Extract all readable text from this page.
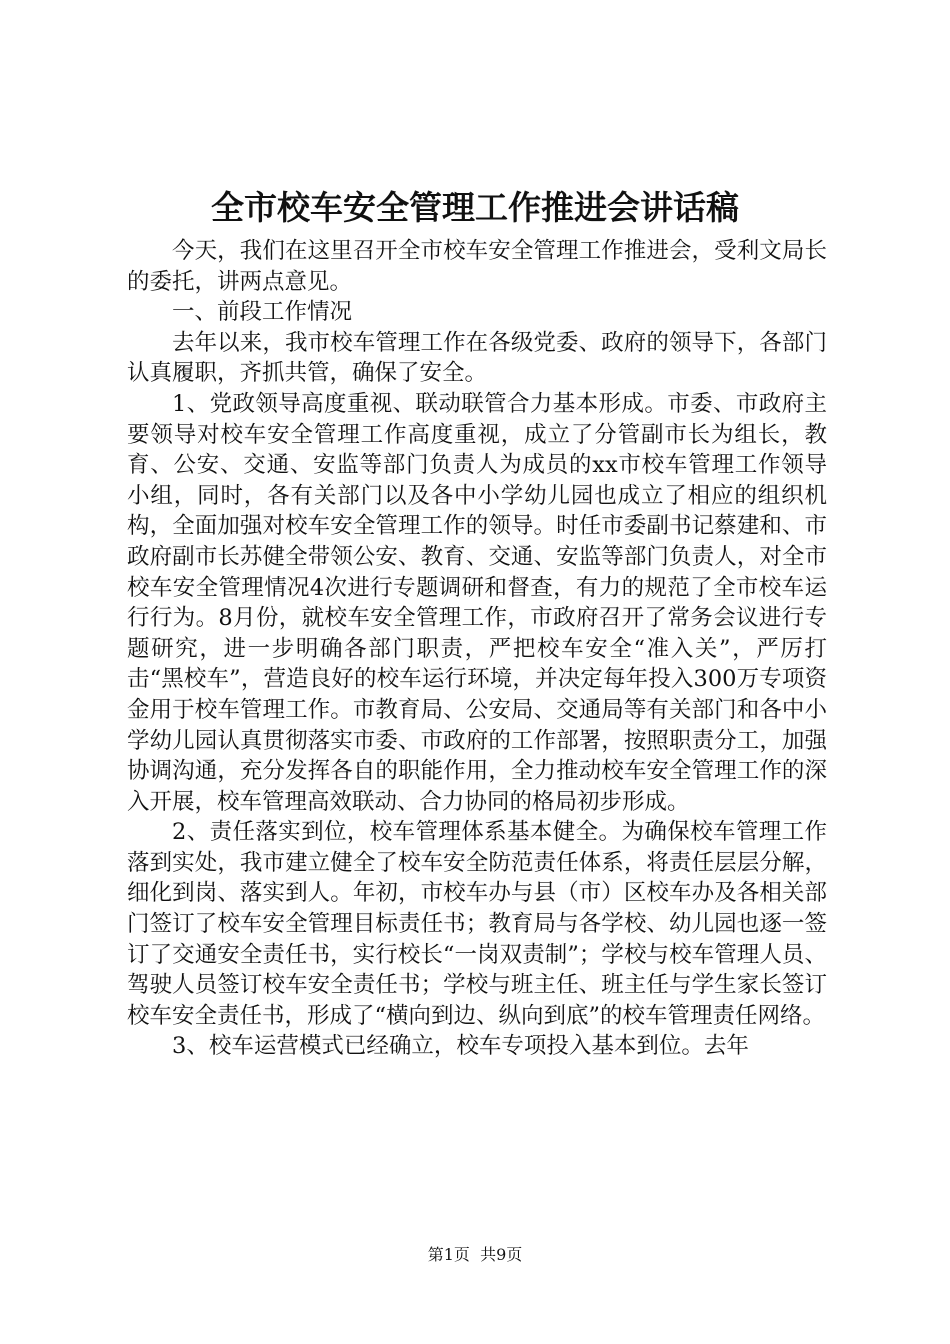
全市校车安全管理工作推进会讲话稿

今天，我们在这里召开全市校车安全管理工作推进会，受利文局长的委托，讲两点意见。

一、前段工作情况

去年以来，我市校车管理工作在各级党委、政府的领导下，各部门认真履职，齐抓共管，确保了安全。

1、党政领导高度重视、联动联管合力基本形成。市委、市政府主要领导对校车安全管理工作高度重视，成立了分管副市长为组长，教育、公安、交通、安监等部门负责人为成员的xx市校车管理工作领导小组，同时，各有关部门以及各中小学幼儿园也成立了相应的组织机构，全面加强对校车安全管理工作的领导。时任市委副书记蔡建和、市政府副市长苏健全带领公安、教育、交通、安监等部门负责人，对全市校车安全管理情况4次进行专题调研和督查，有力的规范了全市校车运行行为。8月份，就校车安全管理工作，市政府召开了常务会议进行专题研究，进一步明确各部门职责，严把校车安全“准入关”，严厉打击“黑校车”，营造良好的校车运行环境，并决定每年投入300万专项资金用于校车管理工作。市教育局、公安局、交通局等有关部门和各中小学幼儿园认真贯彻落实市委、市政府的工作部署，按照职责分工，加强协调沟通，充分发挥各自的职能作用，全力推动校车安全管理工作的深入开展，校车管理高效联动、合力协同的格局初步形成。

2、责任落实到位，校车管理体系基本健全。为确保校车管理工作落到实处，我市建立健全了校车安全防范责任体系，将责任层层分解，细化到岗、落实到人。年初，市校车办与县（市）区校车办及各相关部门签订了校车安全管理目标责任书；教育局与各学校、幼儿园也逐一签订了交通安全责任书，实行校长“一岗双责制”；学校与校车管理人员、驾驶人员签订校车安全责任书；学校与班主任、班主任与学生家长签订校车安全责任书，形成了“横向到边、纵向到底”的校车管理责任网络。

3、校车运营模式已经确立，校车专项投入基本到位。去年

第1页  共9页
